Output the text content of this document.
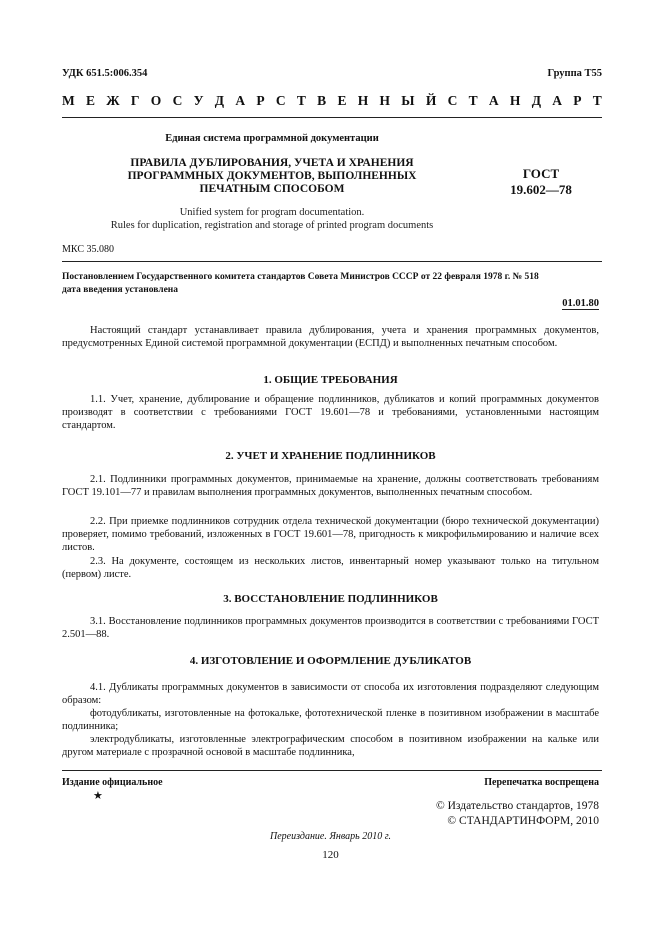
УДК 651.5:006.354	Группа Т55
М Е Ж Г О С У Д А Р С Т В Е Н Н Ы Й С Т А Н Д А Р Т
Единая система программной документации
ПРАВИЛА ДУБЛИРОВАНИЯ, УЧЕТА И ХРАНЕНИЯ
ПРОГРАММНЫХ ДОКУМЕНТОВ, ВЫПОЛНЕННЫХ
ПЕЧАТНЫМ СПОСОБОМ
ГОСТ
19.602—78
Unified system for program documentation.
Rules for duplication, registration and storage of printed program documents
МКС 35.080
Постановлением Государственного комитета стандартов Совета Министров СССР от 22 февраля 1978 г. № 518
дата введения установлена
01.01.80

Настоящий стандарт устанавливает правила дублирования, учета и хранения программных документов, предусмотренных Единой системой программной документации (ЕСПД) и выполненных печатным способом.

1. ОБЩИЕ ТРЕБОВАНИЯ

1.1. Учет, хранение, дублирование и обращение подлинников, дубликатов и копий программных документов производят в соответствии с требованиями ГОСТ 19.601—78 и требованиями, установленными настоящим стандартом.

2. УЧЕТ И ХРАНЕНИЕ ПОДЛИННИКОВ

2.1. Подлинники программных документов, принимаемые на хранение, должны соответствовать требованиям ГОСТ 19.101—77 и правилам выполнения программных документов, выполненных печатным способом.

2.2. При приемке подлинников сотрудник отдела технической документации (бюро технической документации) проверяет, помимо требований, изложенных в ГОСТ 19.601—78, пригодность к микрофильмированию и наличие всех листов.

2.3. На документе, состоящем из нескольких листов, инвентарный номер указывают только на титульном (первом) листе.

3. ВОССТАНОВЛЕНИЕ ПОДЛИННИКОВ

3.1. Восстановление подлинников программных документов производится в соответствии с требованиями ГОСТ 2.501—88.

4. ИЗГОТОВЛЕНИЕ И ОФОРМЛЕНИЕ ДУБЛИКАТОВ

4.1. Дубликаты программных документов в зависимости от способа их изготовления подразделяют следующим образом:

фотодубликаты, изготовленные на фотокальке, фототехнической пленке в позитивном изображении в масштабе подлинника;

электродубликаты, изготовленные электрографическим способом в позитивном изображении на кальке или другом материале с прозрачной основой в масштабе подлинника,

Издание официальное
★
Перепечатка воспрещена
© Издательство стандартов, 1978
© СТАНДАРТИНФОРМ, 2010
Переиздание. Январь 2010 г.
120
